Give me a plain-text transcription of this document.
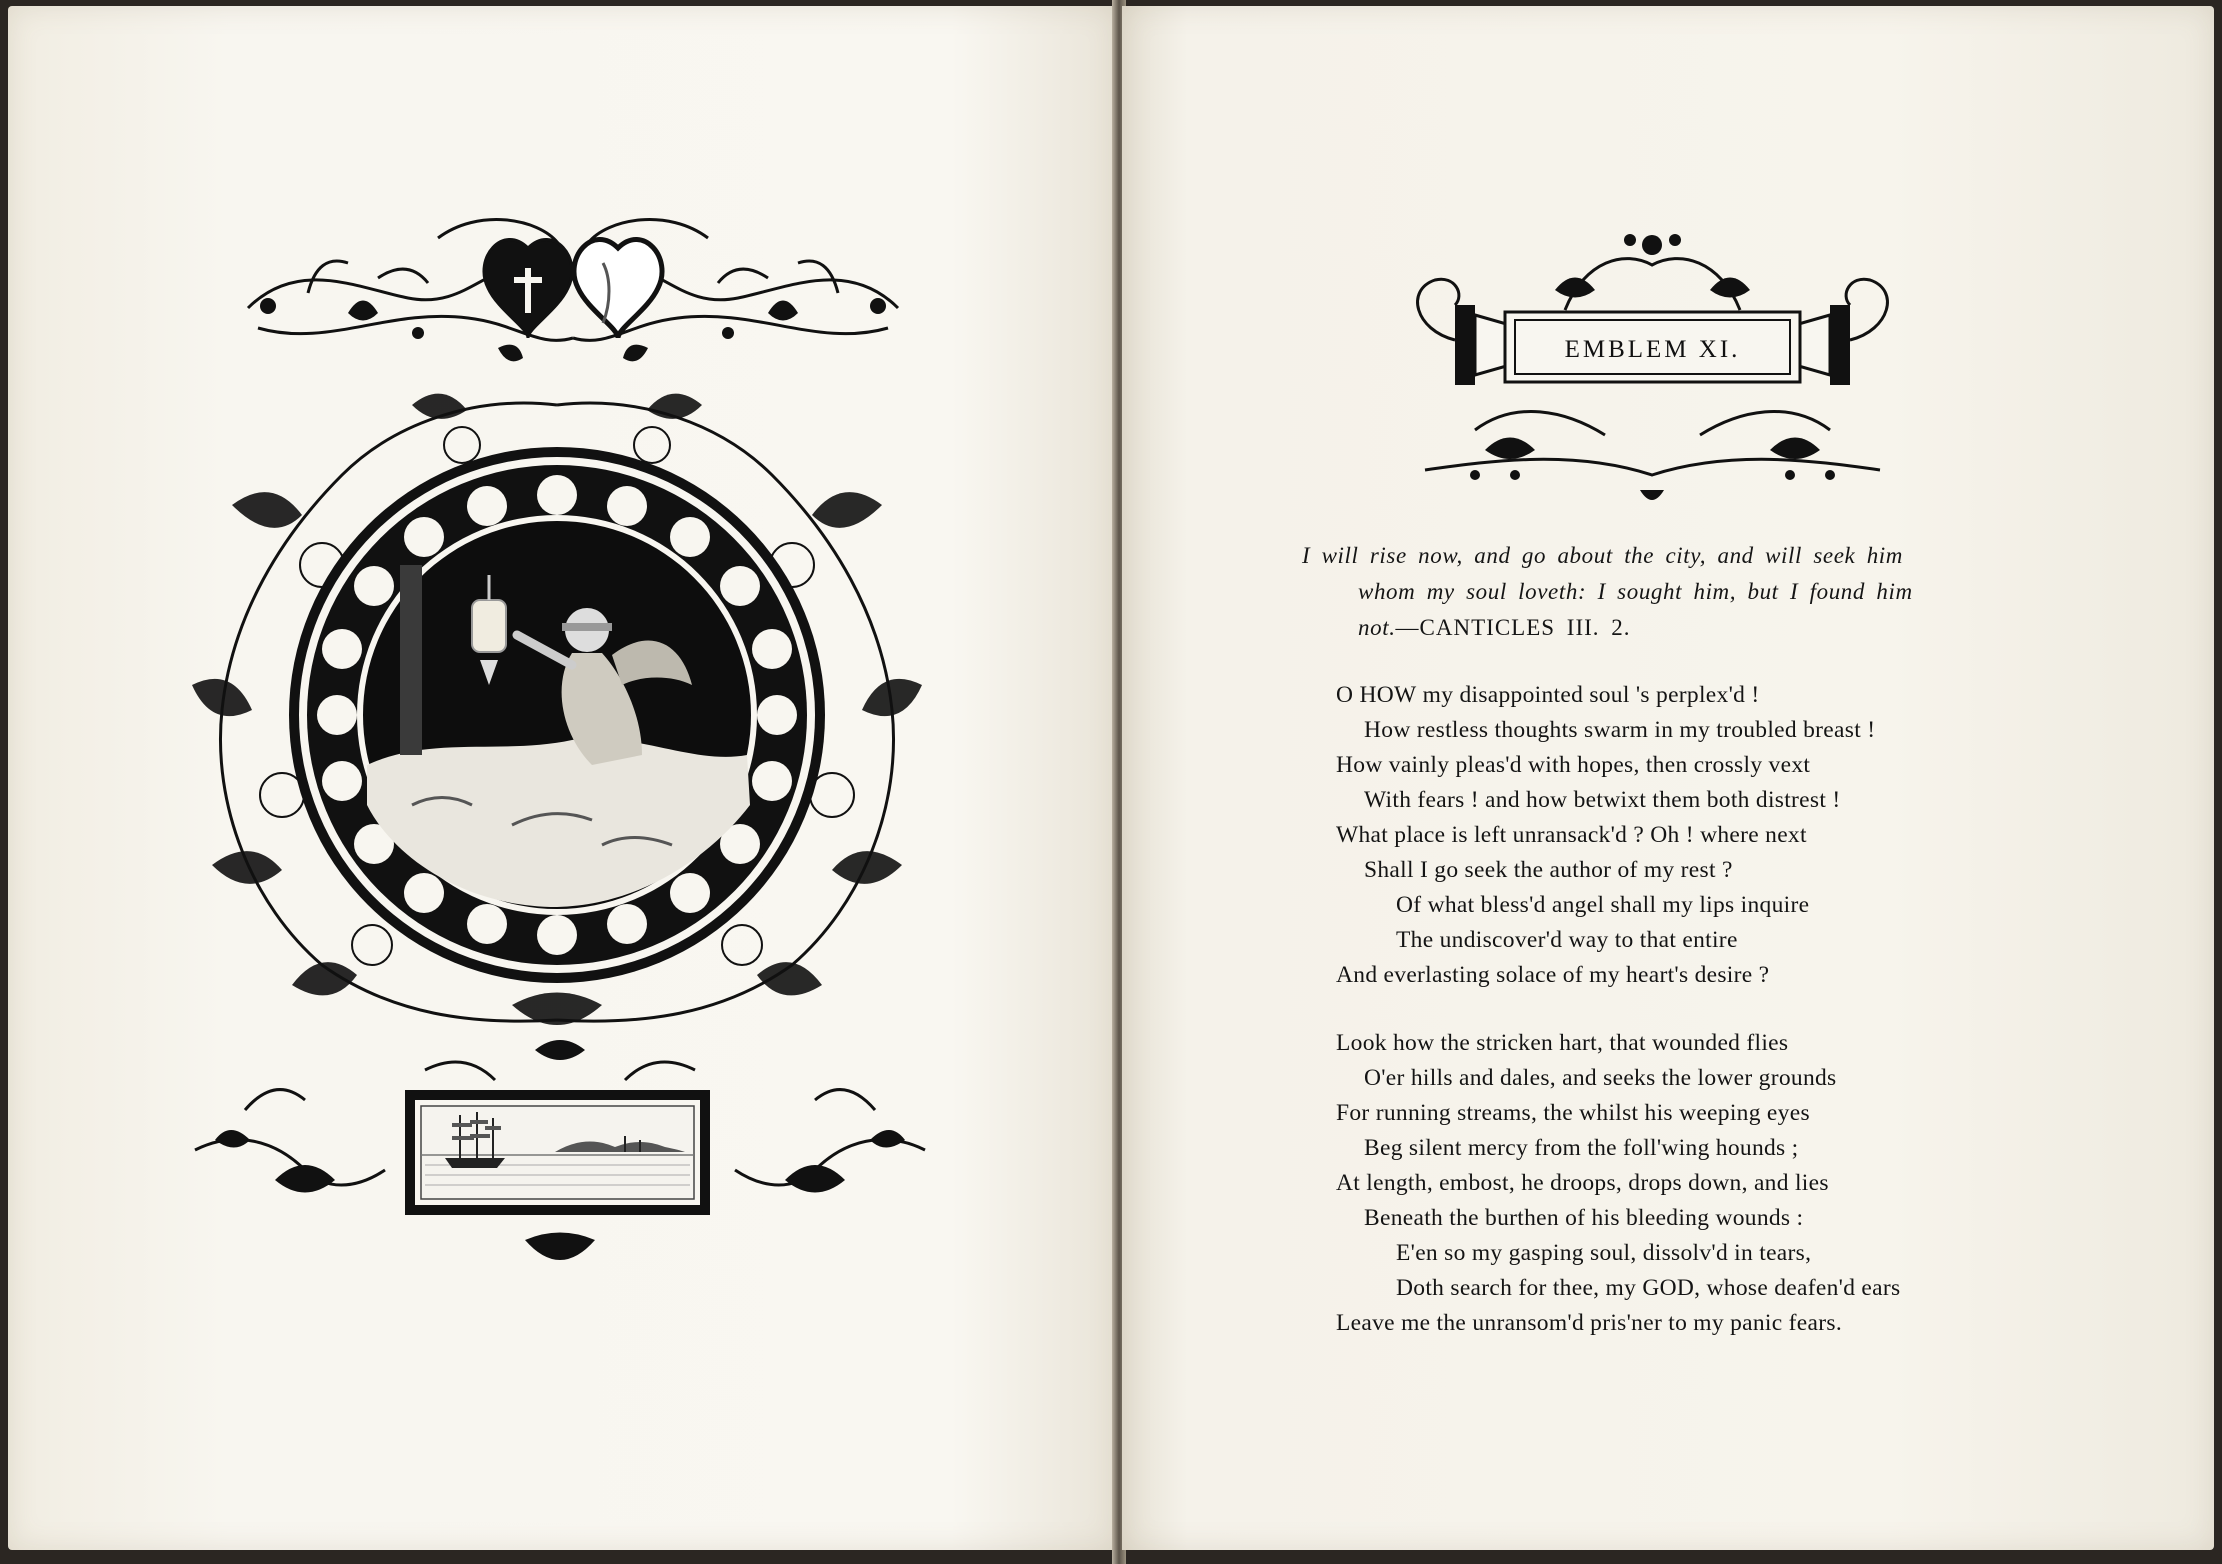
EMBLEM XI.
I will rise now, and go about the city, and will seek him
whom my soul loveth: I sought him, but I found him
not.—CANTICLES III. 2.
O HOW my disappointed soul 's perplex'd !
How restless thoughts swarm in my troubled breast !
How vainly pleas'd with hopes, then crossly vext
With fears ! and how betwixt them both distrest !
What place is left unransack'd ? Oh ! where next
Shall I go seek the author of my rest ?
Of what bless'd angel shall my lips inquire
The undiscover'd way to that entire
And everlasting solace of my heart's desire ?
Look how the stricken hart, that wounded flies
O'er hills and dales, and seeks the lower grounds
For running streams, the whilst his weeping eyes
Beg silent mercy from the foll'wing hounds ;
At length, embost, he droops, drops down, and lies
Beneath the burthen of his bleeding wounds :
E'en so my gasping soul, dissolv'd in tears,
Doth search for thee, my GOD, whose deafen'd ears
Leave me the unransom'd pris'ner to my panic fears.
